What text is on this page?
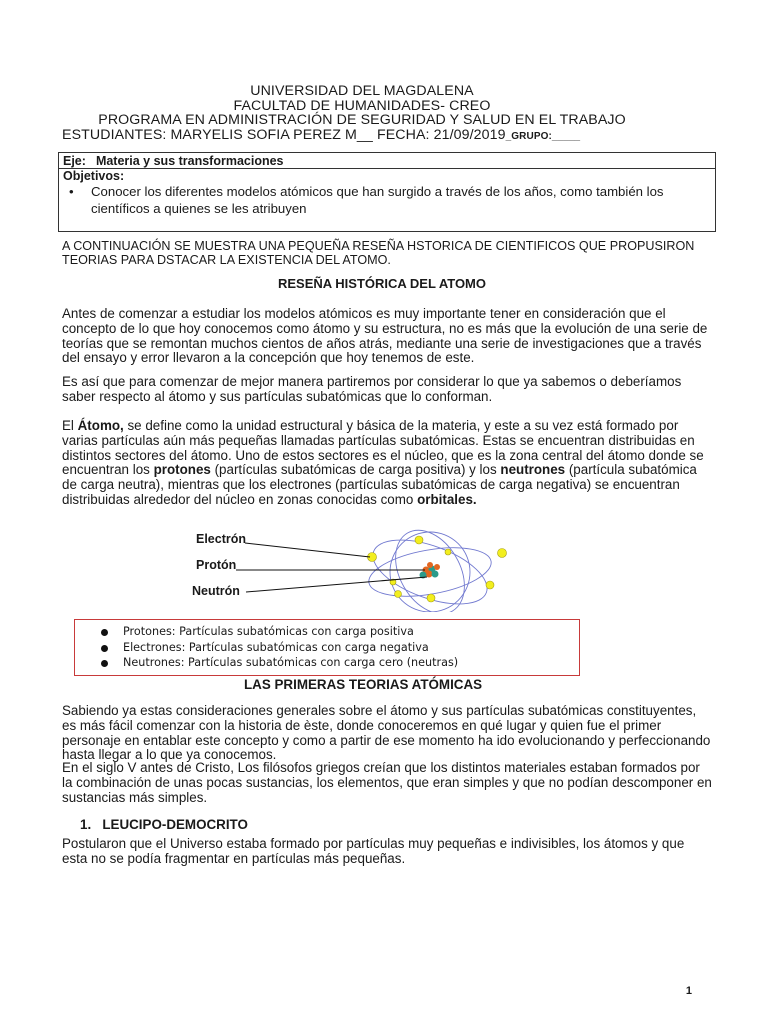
UNIVERSIDAD DEL MAGDALENA
FACULTAD DE HUMANIDADES- CREO
PROGRAMA EN ADMINISTRACIÓN DE SEGURIDAD Y SALUD EN EL TRABAJO
ESTUDIANTES: MARYELIS SOFIA PEREZ M__ FECHA: 21/09/2019_GRUPO:_____
Eje: Materia y sus transformaciones
Objetivos:
• Conocer los diferentes modelos atómicos que han surgido a través de los años, como también los científicos a quienes se les atribuyen
A CONTINUACIÓN SE MUESTRA UNA PEQUEÑA RESEÑA HSTORICA DE CIENTIFICOS QUE PROPUSIRON TEORIAS PARA DSTACAR LA EXISTENCIA DEL ATOMO.
RESEÑA HISTÓRICA DEL ATOMO
Antes de comenzar a estudiar los modelos atómicos es muy importante tener en consideración que el concepto de lo que hoy conocemos como átomo y su estructura, no es más que la evolución de una serie de teorías que se remontan muchos cientos de años atrás, mediante una serie de investigaciones que a través del ensayo y error llevaron a la concepción que hoy tenemos de este.
Es así que para comenzar de mejor manera partiremos por considerar lo que ya sabemos o deberíamos saber respecto al átomo y sus partículas subatómicas que lo conforman.
El Átomo, se define como la unidad estructural y básica de la materia, y este a su vez está formado por varias partículas aún más pequeñas llamadas partículas subatómicas. Estas se encuentran distribuidas en distintos sectores del átomo. Uno de estos sectores es el núcleo, que es la zona central del átomo donde se encuentran los protones (partículas subatómicas de carga positiva) y los neutrones (partícula subatómica de carga neutra), mientras que los electrones (partículas subatómicas de carga negativa) se encuentran distribuidas alrededor del núcleo en zonas conocidas como orbitales.
Electrón
Protón
Neutrón
Protones: Partículas subatómicas con carga positiva
Electrones: Partículas subatómicas con carga negativa
Neutrones: Partículas subatómicas con carga cero (neutras)
LAS PRIMERAS TEORIAS ATÓMICAS
Sabiendo ya estas consideraciones generales sobre el átomo y sus partículas subatómicas constituyentes, es más fácil comenzar con la historia de èste, donde conoceremos en qué lugar y quien fue el primer personaje en entablar este concepto y como a partir de ese momento ha ido evolucionando y perfeccionando hasta llegar a lo que ya conocemos.
En el siglo V antes de Cristo, Los filósofos griegos creían que los distintos materiales estaban formados por la combinación de unas pocas sustancias, los elementos, que eran simples y que no podían descomponer en sustancias más simples.
1. LEUCIPO-DEMOCRITO
Postularon que el Universo estaba formado por partículas muy pequeñas e indivisibles, los átomos y que esta no se podía fragmentar en partículas más pequeñas.
1
